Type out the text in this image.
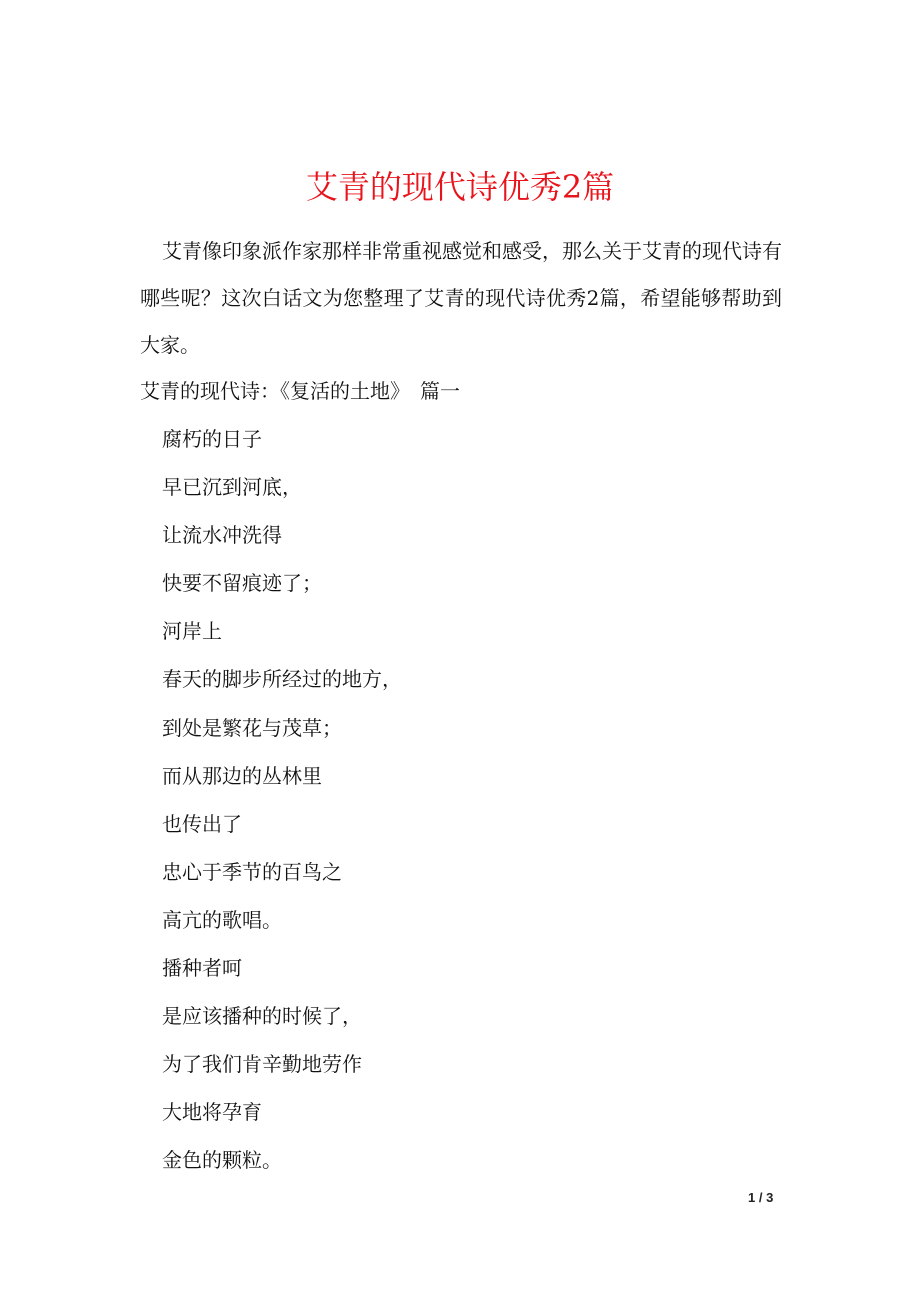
艾青的现代诗优秀2篇

艾青像印象派作家那样非常重视感觉和感受，那么关于艾青的现代诗有哪些呢？这次白话文为您整理了艾青的现代诗优秀2篇，希望能够帮助到大家。

艾青的现代诗：《复活的土地》　篇一

腐朽的日子
早已沉到河底，
让流水冲洗得
快要不留痕迹了；
河岸上
春天的脚步所经过的地方，
到处是繁花与茂草；
而从那边的丛林里
也传出了
忠心于季节的百鸟之
高亢的歌唱。
播种者呵
是应该播种的时候了，
为了我们肯辛勤地劳作
大地将孕育
金色的颗粒。
1 / 3
